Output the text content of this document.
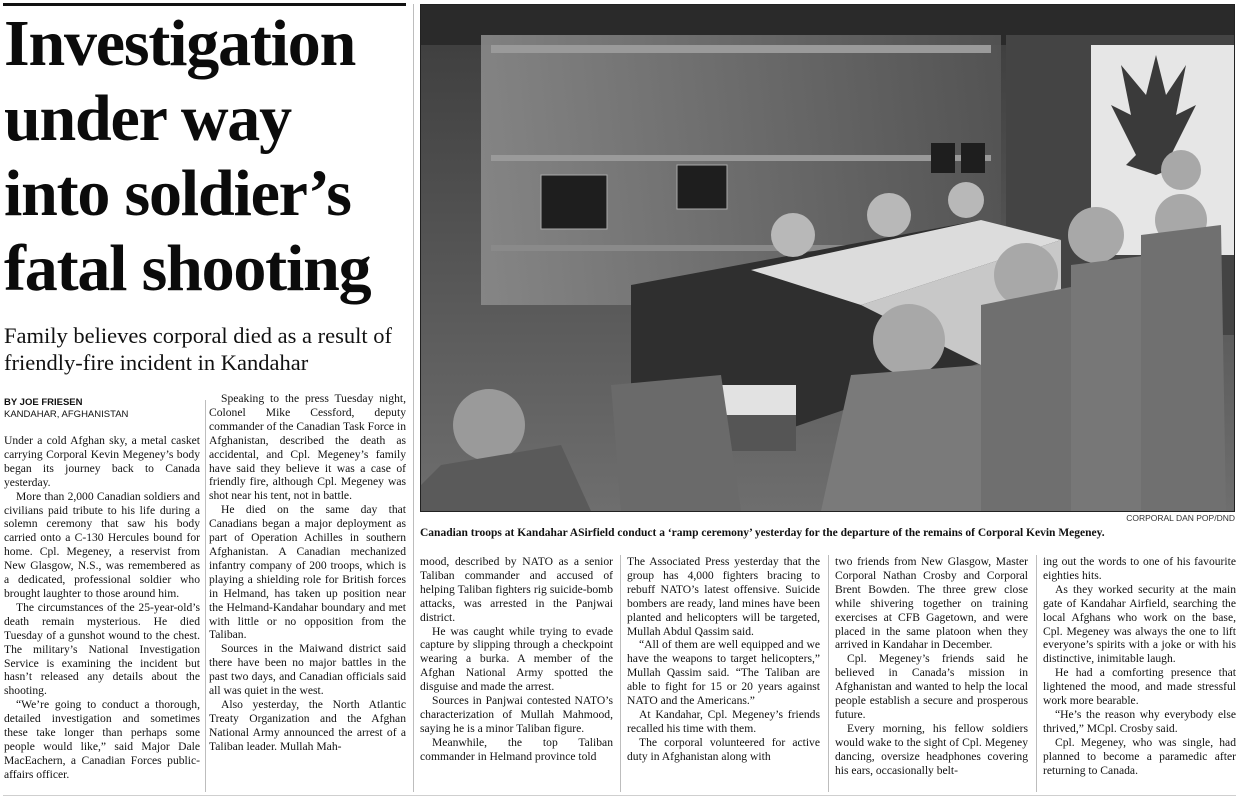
Investigation under way into soldier’s fatal shooting
Family believes corporal died as a result of friendly-fire incident in Kandahar
BY JOE FRIESEN
KANDAHAR, AFGHANISTAN

Under a cold Afghan sky, a metal casket carrying Corporal Kevin Megeney’s body began its journey back to Canada yesterday.

More than 2,000 Canadian soldiers and civilians paid tribute to his life during a solemn ceremony that saw his body carried onto a C-130 Hercules bound for home. Cpl. Megeney, a reservist from New Glasgow, N.S., was remembered as a dedicated, professional soldier who brought laughter to those around him.

The circumstances of the 25-year-old’s death remain mysterious. He died Tuesday of a gunshot wound to the chest. The military’s National Investigation Service is examining the incident but hasn’t released any details about the shooting.

“We’re going to conduct a thorough, detailed investigation and sometimes these take longer than perhaps some people would like,” said Major Dale MacEachern, a Canadian Forces public-affairs officer.

Speaking to the press Tuesday night, Colonel Mike Cessford, deputy commander of the Canadian Task Force in Afghanistan, described the death as accidental, and Cpl. Megeney’s family have said they believe it was a case of friendly fire, although Cpl. Megeney was shot near his tent, not in battle.

He died on the same day that Canadians began a major deployment as part of Operation Achilles in southern Afghanistan. A Canadian mechanized infantry company of 200 troops, which is playing a shielding role for British forces in Helmand, has taken up position near the Helmand-Kandahar boundary and met with little or no opposition from the Taliban.

Sources in the Maiwand district said there have been no major battles in the past two days, and Canadian officials said all was quiet in the west.

Also yesterday, the North Atlantic Treaty Organization and the Afghan National Army announced the arrest of a Taliban leader. Mullah Mah-

CORPORAL DAN POP/DND
Canadian troops at Kandahar ASirfield conduct a ‘ramp ceremony’ yesterday for the departure of the remains of Corporal Kevin Megeney.

mood, described by NATO as a senior Taliban commander and accused of helping Taliban fighters rig suicide-bomb attacks, was arrested in the Panjwai district.

He was caught while trying to evade capture by slipping through a checkpoint wearing a burka. A member of the Afghan National Army spotted the disguise and made the arrest.

Sources in Panjwai contested NATO’s characterization of Mullah Mahmood, saying he is a minor Taliban figure.

Meanwhile, the top Taliban commander in Helmand province told

The Associated Press yesterday that the group has 4,000 fighters bracing to rebuff NATO’s latest offensive. Suicide bombers are ready, land mines have been planted and helicopters will be targeted, Mullah Abdul Qassim said.

“All of them are well equipped and we have the weapons to target helicopters,” Mullah Qassim said. “The Taliban are able to fight for 15 or 20 years against NATO and the Americans.”

At Kandahar, Cpl. Megeney’s friends recalled his time with them.

The corporal volunteered for active duty in Afghanistan along with

two friends from New Glasgow, Master Corporal Nathan Crosby and Corporal Brent Bowden. The three grew close while shivering together on training exercises at CFB Gagetown, and were placed in the same platoon when they arrived in Kandahar in December.

Cpl. Megeney’s friends said he believed in Canada’s mission in Afghanistan and wanted to help the local people establish a secure and prosperous future.

Every morning, his fellow soldiers would wake to the sight of Cpl. Megeney dancing, oversize headphones covering his ears, occasionally belt-

ing out the words to one of his favourite eighties hits.

As they worked security at the main gate of Kandahar Airfield, searching the local Afghans who work on the base, Cpl. Megeney was always the one to lift everyone’s spirits with a joke or with his distinctive, inimitable laugh.

He had a comforting presence that lightened the mood, and made stressful work more bearable.

“He’s the reason why everybody else thrived,” MCpl. Crosby said.

Cpl. Megeney, who was single, had planned to become a paramedic after returning to Canada.
